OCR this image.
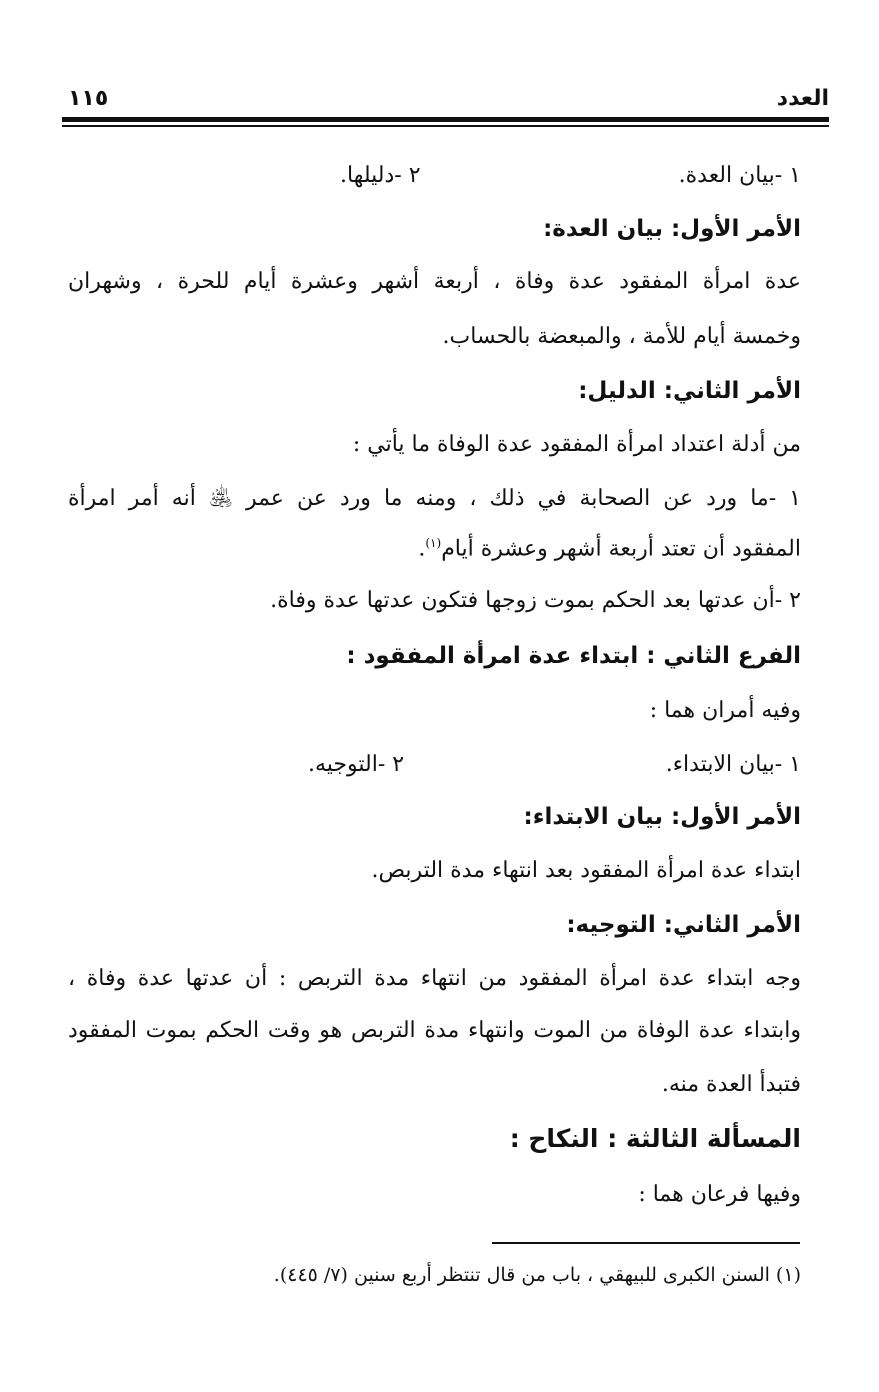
العدد
١١٥
١ -بيان العدة.
٢ -دليلها.
الأمر الأول: بيان العدة:
عدة امرأة المفقود عدة وفاة ، أربعة أشهر وعشرة أيام للحرة ، وشهران
وخمسة أيام للأمة ، والمبعضة بالحساب.
الأمر الثاني: الدليل:
من أدلة اعتداد امرأة المفقود عدة الوفاة ما يأتي :
١ -ما ورد عن الصحابة في ذلك ، ومنه ما ورد عن عمر ﵁ أنه أمر امرأة
المفقود أن تعتد أربعة أشهر وعشرة أيام$^{(١)}$.
٢ -أن عدتها بعد الحكم بموت زوجها فتكون عدتها عدة وفاة.
الفرع الثاني : ابتداء عدة امرأة المفقود :
وفيه أمران هما :
١ -بيان الابتداء.
٢ -التوجيه.
الأمر الأول: بيان الابتداء:
ابتداء عدة امرأة المفقود بعد انتهاء مدة التربص.
الأمر الثاني: التوجيه:
وجه ابتداء عدة امرأة المفقود من انتهاء مدة التربص : أن عدتها عدة وفاة ،
وابتداء عدة الوفاة من الموت وانتهاء مدة التربص هو وقت الحكم بموت المفقود
فتبدأ العدة منه.
المسألة الثالثة : النكاح :
وفيها فرعان هما :
(١) السنن الكبرى للبيهقي ، باب من قال تنتظر أربع سنين (٧/ ٤٤٥).
